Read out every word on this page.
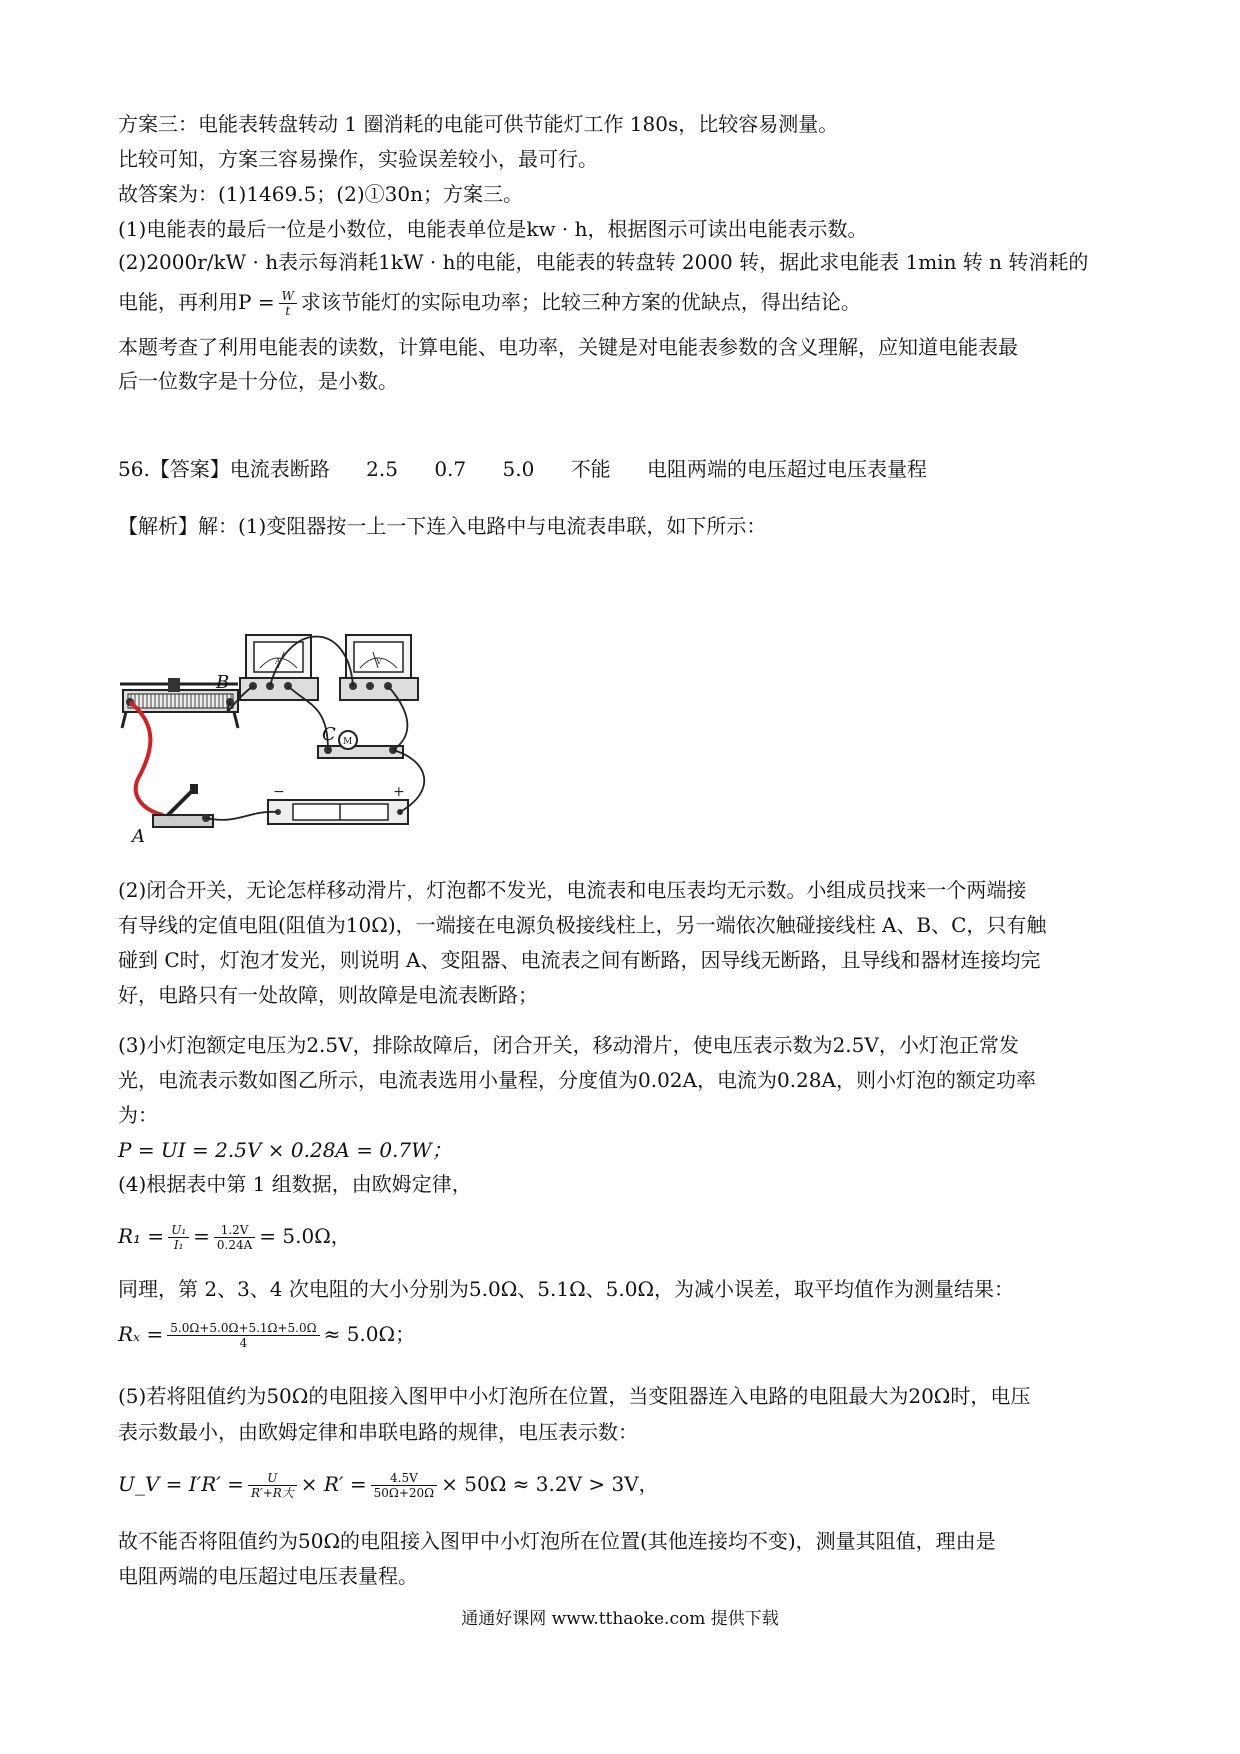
方案三：电能表转盘转动 1 圈消耗的电能可供节能灯工作 180s，比较容易测量。
比较可知，方案三容易操作，实验误差较小，最可行。
故答案为：(1)1469.5；(2)①30n；方案三。
(1)电能表的最后一位是小数位，电能表单位是kw · h，根据图示可读出电能表示数。
(2)2000r/kW · h表示每消耗1kW · h的电能，电能表的转盘转 2000 转，据此求电能表 1min 转 n 转消耗的
电能，再利用$P = \frac{W}{t}$ 求该节能灯的实际电功率；比较三种方案的优缺点，得出结论。
本题考查了利用电能表的读数，计算电能、电功率，关键是对电能表参数的含义理解，应知道电能表最
后一位数字是十分位，是小数。
56.【答案】电流表断路 2.5 0.7 5.0 不能 电阻两端的电压超过电压表量程
【解析】解：(1)变阻器按一上一下连入电路中与电流表串联，如下所示：
A
A
B
V
M
C
−	+
(2)闭合开关，无论怎样移动滑片，灯泡都不发光，电流表和电压表均无示数。小组成员找来一个两端接
有导线的定值电阻(阻值为10Ω)，一端接在电源负极接线柱上，另一端依次触碰接线柱 A、B、C，只有触
碰到 C时，灯泡才发光，则说明 A、变阻器、电流表之间有断路，因导线无断路，且导线和器材连接均完
好，电路只有一处故障，则故障是电流表断路；
(3)小灯泡额定电压为2.5V，排除故障后，闭合开关，移动滑片，使电压表示数为2.5V，小灯泡正常发
光，电流表示数如图乙所示，电流表选用小量程，分度值为0.02A，电流为0.28A，则小灯泡的额定功率
为：
P = UI = 2.5V × 0.28A = 0.7W；
(4)根据表中第 1 组数据，由欧姆定律，
$R_1 = \frac{\text{U₁}}{\text{I₁}} = \frac{1.2V}{0.24A} = 5.0\Omega$，
同理，第 2、3、4 次电阻的大小分别为5.0Ω、5.1Ω、5.0Ω，为减小误差，取平均值作为测量结果：
$R_x = \frac{5.0\Omega+5.0\Omega+5.1\Omega+5.0\Omega}{4} \approx 5.0\Omega$；
(5)若将阻值约为50Ω的电阻接入图甲中小灯泡所在位置，当变阻器连入电路的电阻最大为20Ω时，电压
表示数最小，由欧姆定律和串联电路的规律，电压表示数：
U_V = $I'R' = \frac{U}{\text{R′+R大}} \times R' = \frac{4.5V}{50\Omega+20\Omega} \times 50\Omega \approx 3.2V > 3V$，
故不能否将阻值约为50Ω的电阻接入图甲中小灯泡所在位置(其他连接均不变)，测量其阻值，理由是
电阻两端的电压超过电压表量程。
通通好课网 www.tthaoke.com 提供下载
